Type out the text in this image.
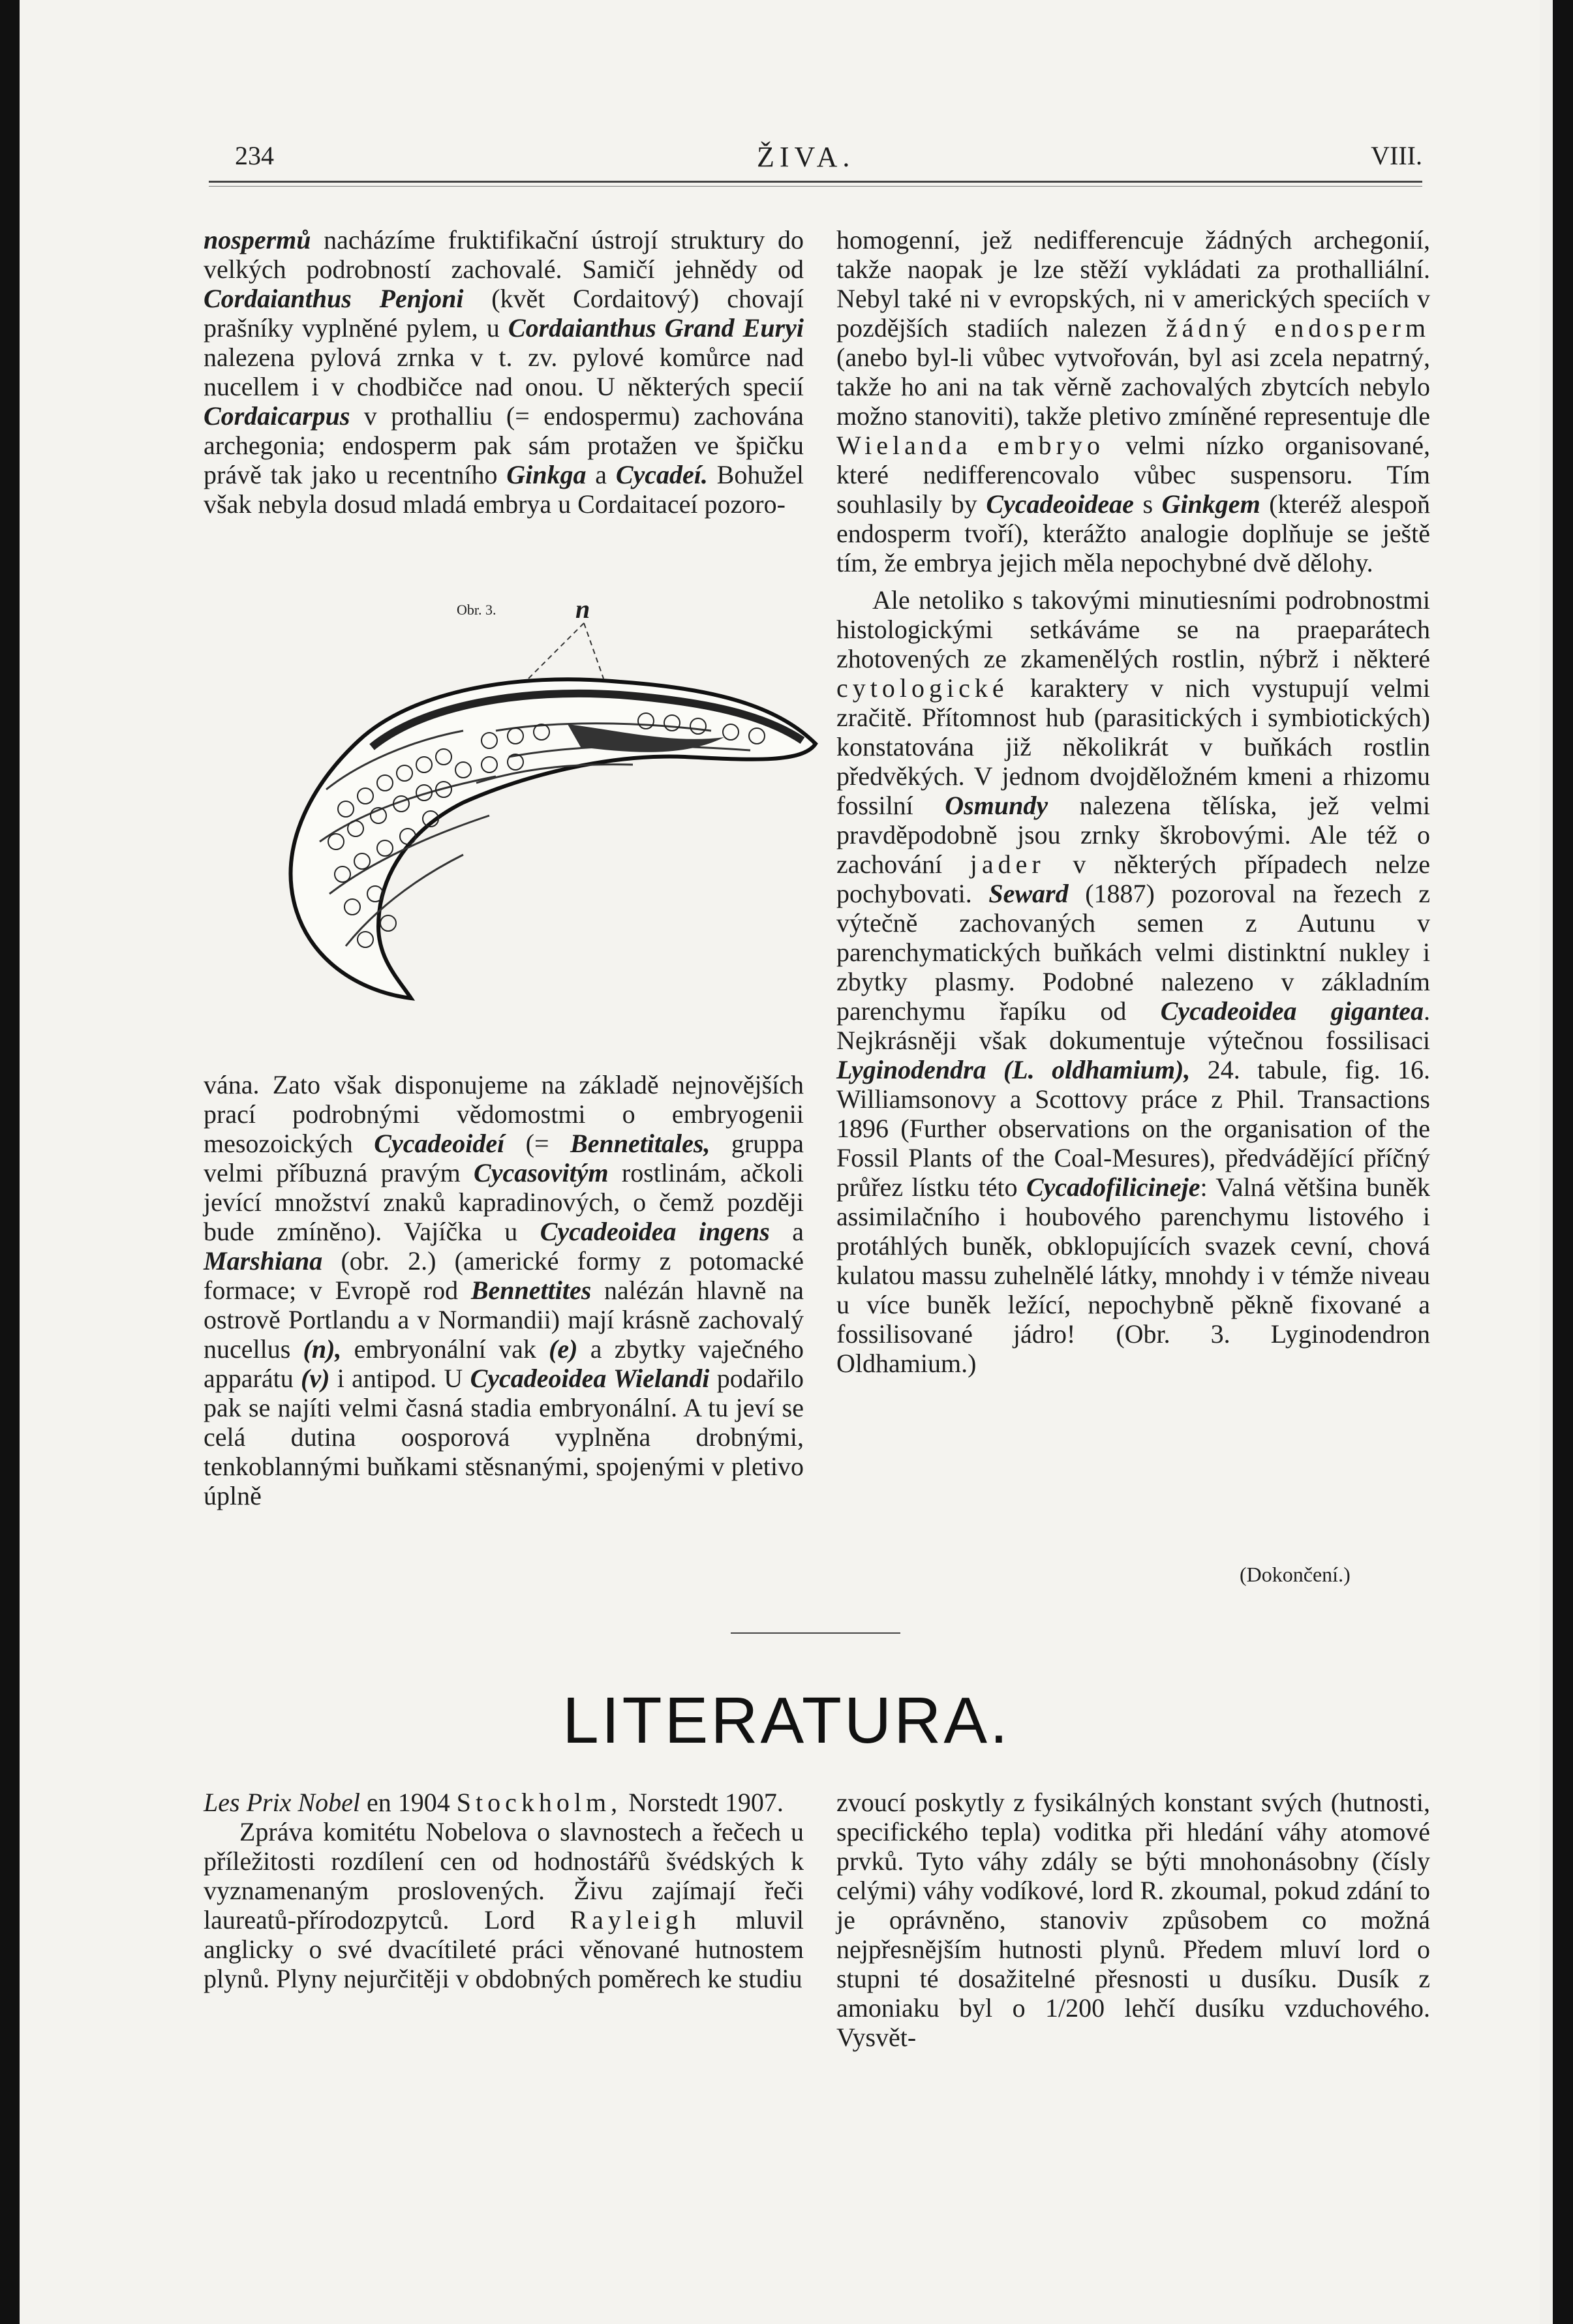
234	ŽIVA.	VIII.

nospermů nacházíme fruktifikační ústrojí struktury do velkých podrobností zachovalé. Samičí jehnědy od Cordaianthus Penjoni (květ Cordaitový) chovají prašníky vyplněné pylem, u Cordaianthus Grand Euryi nalezena pylová zrnka v t. zv. pylové komůrce nad nucellem i v chodbičce nad onou. U některých specií Cordaicarpus v prothalliu (= endospermu) zachována archegonia; endosperm pak sám protažen ve špičku právě tak jako u recentního Ginkga a Cycadeí. Bohužel však nebyla dosud mladá embrya u Cordaitaceí pozoro-

Obr. 3.	n

vána. Zato však disponujeme na základě nejnovějších prací podrobnými vědomostmi o embryogenii mesozoických Cycadeoideí (= Bennetitales, gruppa velmi příbuzná pravým Cycasovitým rostlinám, ačkoli jevící množství znaků kapradinových, o čemž později bude zmíněno). Vajíčka u Cycadeoidea ingens a Marshiana (obr. 2.) (americké formy z potomacké formace; v Evropě rod Bennettites nalézán hlavně na ostrově Portlandu a v Normandii) mají krásně zachovalý nucellus (n), embryonální vak (e) a zbytky vaječného apparátu (v) i antipod. U Cycadeoidea Wielandi podařilo pak se najíti velmi časná stadia embryonální. A tu jeví se celá dutina oosporová vyplněna drobnými, tenkoblannými buňkami stěsnanými, spojenými v pletivo úplně

homogenní, jež nedifferencuje žádných archegonií, takže naopak je lze stěží vykládati za prothalliální. Nebyl také ni v evropských, ni v amerických speciích v pozdějších stadiích nalezen žádný endosperm (anebo byl-li vůbec vytvořován, byl asi zcela nepatrný, takže ho ani na tak věrně zachovalých zbytcích nebylo možno stanoviti), takže pletivo zmíněné representuje dle Wielanda embryo velmi nízko organisované, které nedifferencovalo vůbec suspensoru. Tím souhlasily by Cycadeoideae s Ginkgem (kteréž alespoň endosperm tvoří), kterážto analogie doplňuje se ještě tím, že embrya jejich měla nepochybné dvě dělohy.

Ale netoliko s takovými minutiesními podrobnostmi histologickými setkáváme se na praeparátech zhotovených ze zkamenělých rostlin, nýbrž i některé cytologické karaktery v nich vystupují velmi zračitě. Přítomnost hub (parasitických i symbiotických) konstatována již několikrát v buňkách rostlin předvěkých. V jednom dvojděložném kmeni a rhizomu fossilní Osmundy nalezena tělíska, jež velmi pravděpodobně jsou zrnky škrobovými. Ale též o zachování jader v některých případech nelze pochybovati. Seward (1887) pozoroval na řezech z výtečně zachovaných semen z Autunu v parenchymatických buňkách velmi distinktní nukley i zbytky plasmy. Podobné nalezeno v základním parenchymu řapíku od Cycadeoidea gigantea. Nejkrásněji však dokumentuje výtečnou fossilisaci Lyginodendra (L. oldhamium), 24. tabule, fig. 16. Williamsonovy a Scottovy práce z Phil. Transactions 1896 (Further observations on the organisation of the Fossil Plants of the Coal-Mesures), předvádějící příčný průřez lístku této Cycadofilicineje: Valná většina buněk assimilačního i houbového parenchymu listového i protáhlých buněk, obklopujících svazek cevní, chová kulatou massu zuhelnělé látky, mnohdy i v témže niveau u více buněk ležící, nepochybně pěkně fixované a fossilisované jádro! (Obr. 3. Lyginodendron Oldhamium.)

(Dokončení.)
LITERATURA.

Les Prix Nobel en 1904 Stockholm, Norstedt 1907.

Zpráva komitétu Nobelova o slavnostech a řečech u příležitosti rozdílení cen od hodnostářů švédských k vyznamenaným proslovených. Živu zajímají řeči laureatů-přírodozpytců. Lord Rayleigh mluvil anglicky o své dvacítileté práci věnované hutnostem plynů. Plyny nejurčitěji v obdobných poměrech ke studiu

zvoucí poskytly z fysikálných konstant svých (hutnosti, specifického tepla) voditka při hledání váhy atomové prvků. Tyto váhy zdály se býti mnohonásobny (čísly celými) váhy vodíkové, lord R. zkoumal, pokud zdání to je oprávněno, stanoviv způsobem co možná nejpřesnějším hutnosti plynů. Předem mluví lord o stupni té dosažitelné přesnosti u dusíku. Dusík z amoniaku byl o 1/200 lehčí dusíku vzduchového. Vysvět-
